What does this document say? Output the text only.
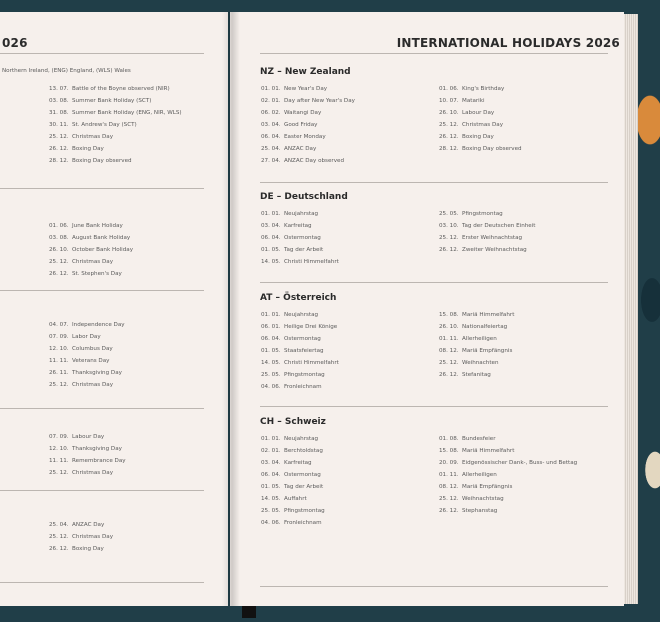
026
Northern Ireland, (ENG) England, (WLS) Wales
13. 07. Battle of the Boyne observed (NIR)
03. 08. Summer Bank Holiday (SCT)
31. 08. Summer Bank Holiday (ENG, NIR, WLS)
30. 11. St. Andrew's Day (SCT)
25. 12. Christmas Day
26. 12. Boxing Day
28. 12. Boxing Day observed
01. 06. June Bank Holiday
03. 08. August Bank Holiday
26. 10. October Bank Holiday
25. 12. Christmas Day
26. 12. St. Stephen's Day
04. 07. Independence Day
07. 09. Labor Day
12. 10. Columbus Day
11. 11. Veterans Day
26. 11. Thanksgiving Day
25. 12. Christmas Day
07. 09. Labour Day
12. 10. Thanksgiving Day
11. 11. Remembrance Day
25. 12. Christmas Day
25. 04. ANZAC Day
25. 12. Christmas Day
26. 12. Boxing Day
INTERNATIONAL HOLIDAYS 2026
NZ – New Zealand
01. 01. New Year's Day
02. 01. Day after New Year's Day
06. 02. Waitangi Day
03. 04. Good Friday
06. 04. Easter Monday
25. 04. ANZAC Day
27. 04. ANZAC Day observed
01. 06. King's Birthday
10. 07. Matariki
26. 10. Labour Day
25. 12. Christmas Day
26. 12. Boxing Day
28. 12. Boxing Day observed
DE – Deutschland
01. 01. Neujahrstag
03. 04. Karfreitag
06. 04. Ostermontag
01. 05. Tag der Arbeit
14. 05. Christi Himmelfahrt
25. 05. Pfingstmontag
03. 10. Tag der Deutschen Einheit
25. 12. Erster Weihnachtstag
26. 12. Zweiter Weihnachtstag
AT – Österreich
01. 01. Neujahrstag
06. 01. Heilige Drei Könige
06. 04. Ostermontag
01. 05. Staatsfeiertag
14. 05. Christi Himmelfahrt
25. 05. Pfingstmontag
04. 06. Fronleichnam
15. 08. Mariä Himmelfahrt
26. 10. Nationalfeiertag
01. 11. Allerheiligen
08. 12. Mariä Empfängnis
25. 12. Weihnachten
26. 12. Stefanitag
CH – Schweiz
01. 01. Neujahrstag
02. 01. Berchtoldstag
03. 04. Karfreitag
06. 04. Ostermontag
01. 05. Tag der Arbeit
14. 05. Auffahrt
25. 05. Pfingstmontag
04. 06. Fronleichnam
01. 08. Bundesfeier
15. 08. Mariä Himmelfahrt
20. 09. Eidgenössischer Dank-, Buss- und Bettag
01. 11. Allerheiligen
08. 12. Mariä Empfängnis
25. 12. Weihnachtstag
26. 12. Stephanstag
